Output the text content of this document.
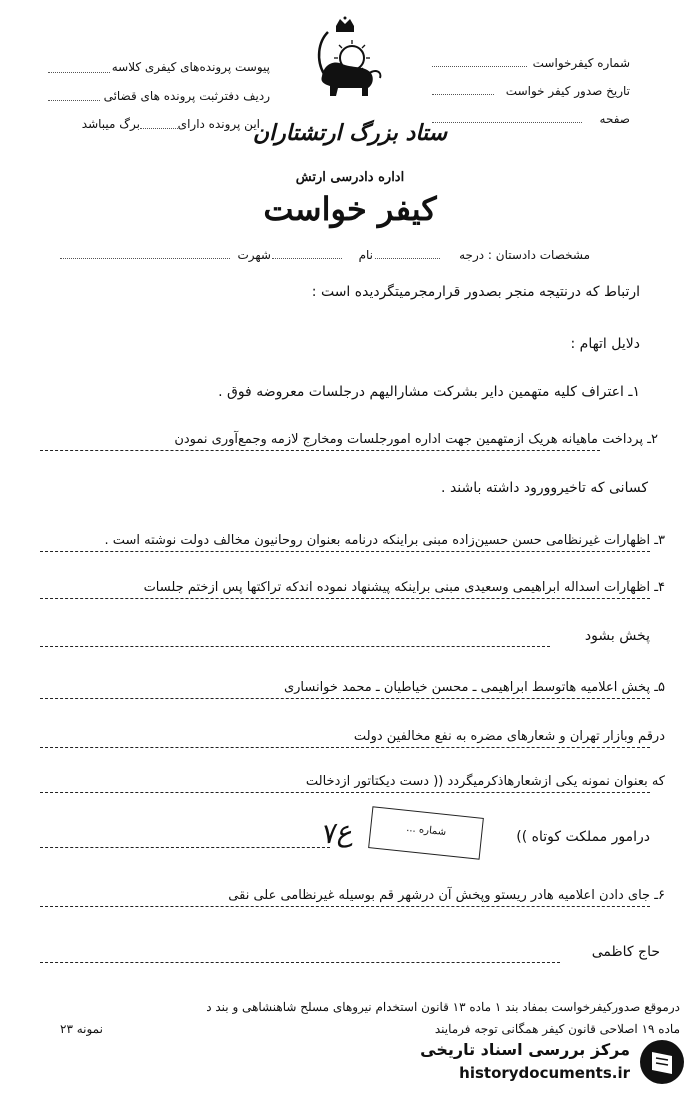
شماره کیفرخواست
تاریخ صدور کیفر خواست
صفحه
پیوست پرونده‌های کیفری کلاسه
ردیف دفترثبت پرونده های قضائی
این پرونده دارای
برگ میباشد	ستاد بزرگ ارتشتاران
اداره دادرسی ارتش
کیفر خواست
مشخصات دادستان : درجه
نام
شهرت
ارتباط که درنتیجه منجر بصدور قرارمجرمیتگردیده است :
دلایل اتهام :
۱ـ اعتراف کلیه متهمین دایر بشرکت مشارالیهم درجلسات معروضه فوق .
۲ـ پرداخت ماهیانه هریک ازمتهمین جهت اداره امورجلسات ومخارج لازمه وجمع‌آوری نمودن
کسانی که تاخیروورود داشته باشند .
۳ـ اظهارات غیرنظامی حسن حسین‌زاده مبنی براینکه درنامه بعنوان روحانیون مخالف دولت نوشته است .
۴ـ اظهارات اسداله ابراهیمی وسعیدی مبنی براینکه پیشنهاد نموده اندکه تراکتها پس ازختم جلسات
پخش بشود
۵ـ پخش اعلامیه هاتوسط ابراهیمی ـ محسن خیاطیان ـ محمد خوانساری
درقم وبازار تهران و شعارهای مضره به نفع مخالفین دولت
که بعنوان نمونه یکی ازشعارهاذکرمیگردد (( دست دیکتاتور ازدخالت
شماره ...
۷ع	درامور مملکت کوتاه ))
۶ـ جای دادن اعلامیه هادر ریستو وپخش آن درشهر قم بوسیله غیرنظامی علی نقی
حاج کاظمی
درموقع صدورکیفرخواست بمفاد بند ۱ ماده ۱۳ قانون استخدام نیروهای مسلح شاهنشاهی و بند د
ماده ۱۹ اصلاحی قانون کیفر همگانی توجه فرمایند
نمونه ۲۳
مرکز بررسی اسناد تاریخی
historydocuments.ir
